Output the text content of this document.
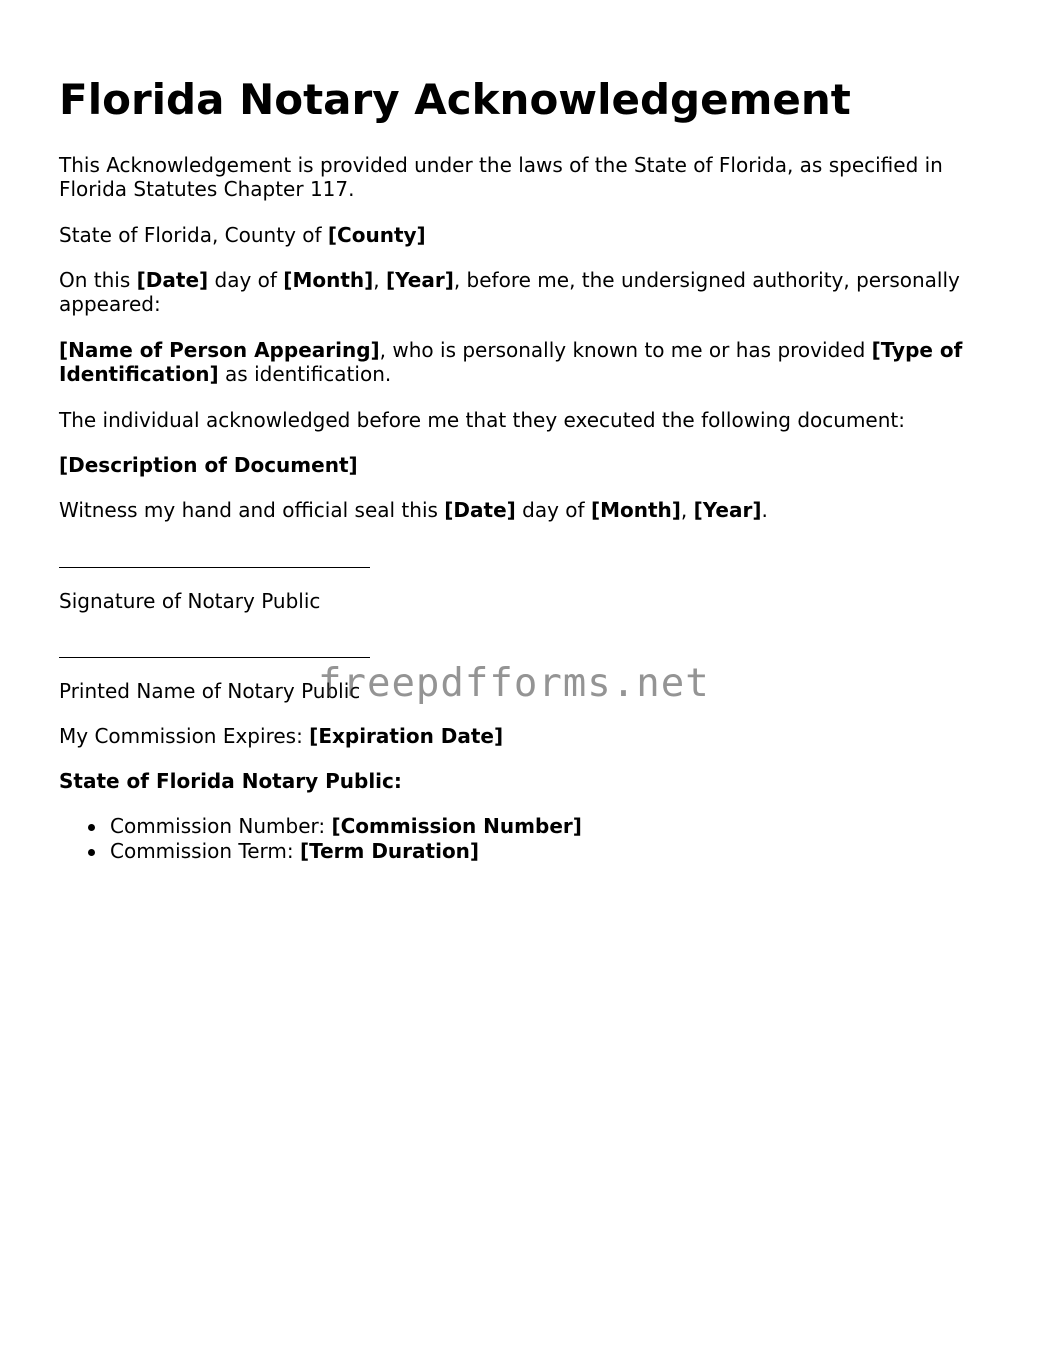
Florida Notary Acknowledgement

This Acknowledgement is provided under the laws of the State of Florida, as specified in Florida Statutes Chapter 117.

State of Florida, County of [County]

On this [Date] day of [Month], [Year], before me, the undersigned authority, personally appeared:

[Name of Person Appearing], who is personally known to me or has provided [Type of Identification] as identification.

The individual acknowledged before me that they executed the following document:

[Description of Document]

Witness my hand and official seal this [Date] day of [Month], [Year].

Signature of Notary Public

Printed Name of Notary Public

My Commission Expires: [Expiration Date]

State of Florida Notary Public:

Commission Number: [Commission Number]
Commission Term: [Term Duration]
freepdfforms.net
